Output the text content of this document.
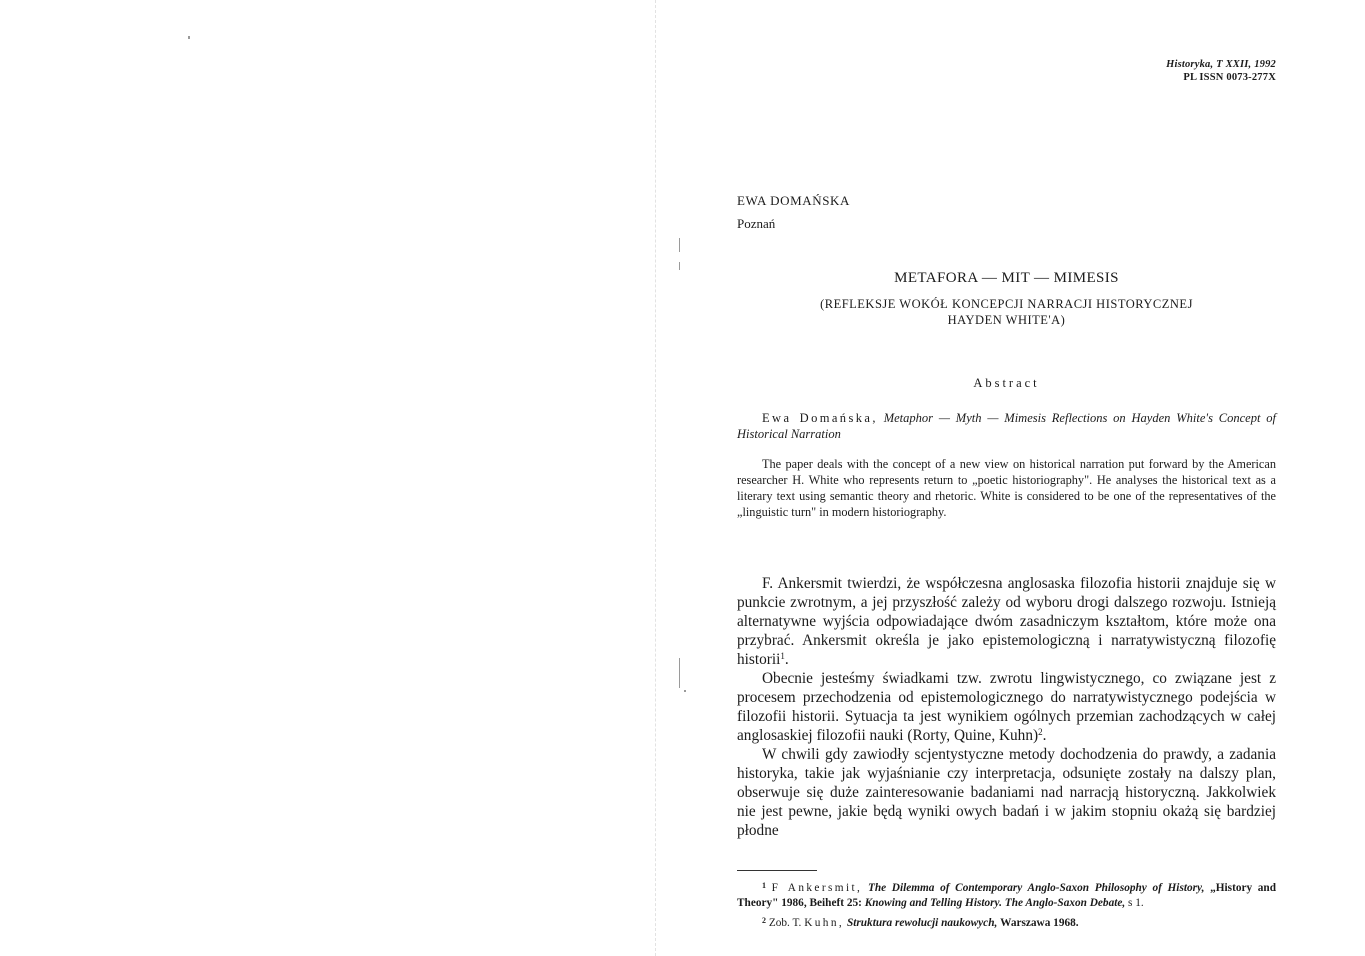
Historyka, T XXII, 1992
PL ISSN 0073-277X
EWA DOMAŃSKA
Poznań
METAFORA — MIT — MIMESIS
(REFLEKSJE WOKÓŁ KONCEPCJI NARRACJI HISTORYCZNEJ
HAYDEN WHITE'A)
Abstract
Ewa Domańska, Metaphor — Myth — Mimesis Reflections on Hayden White's Concept of Historical Narration
The paper deals with the concept of a new view on historical narration put forward by the American researcher H. White who represents return to „poetic historiography". He analyses the historical text as a literary text using semantic theory and rhetoric. White is considered to be one of the representatives of the „linguistic turn" in modern historiography.

F. Ankersmit twierdzi, że współczesna anglosaska filozofia historii znajduje się w punkcie zwrotnym, a jej przyszłość zależy od wyboru drogi dalszego rozwoju. Istnieją alternatywne wyjścia odpowiadające dwóm zasadniczym kształtom, które może ona przybrać. Ankersmit określa je jako epistemologiczną i narratywistyczną filozofię historii$^1$.

Obecnie jesteśmy świadkami tzw. zwrotu lingwistycznego, co związane jest z procesem przechodzenia od epistemologicznego do narratywistycznego podejścia w filozofii historii. Sytuacja ta jest wynikiem ogólnych przemian zachodzących w całej anglosaskiej filozofii nauki (Rorty, Quine, Kuhn)$^2$.

W chwili gdy zawiodły scjentystyczne metody dochodzenia do prawdy, a zadania historyka, takie jak wyjaśnianie czy interpretacja, odsunięte zostały na dalszy plan, obserwuje się duże zainteresowanie badaniami nad narracją historyczną. Jakkolwiek nie jest pewne, jakie będą wyniki owych badań i w jakim stopniu okażą się bardziej płodne

$^1$ F Ankersmit, The Dilemma of Contemporary Anglo-Saxon Philosophy of History, „History and Theory" 1986, Beiheft 25: Knowing and Telling History. The Anglo-Saxon Debate, s 1.

$^2$ Zob. T. Kuhn, Struktura rewolucji naukowych, Warszawa 1968.
